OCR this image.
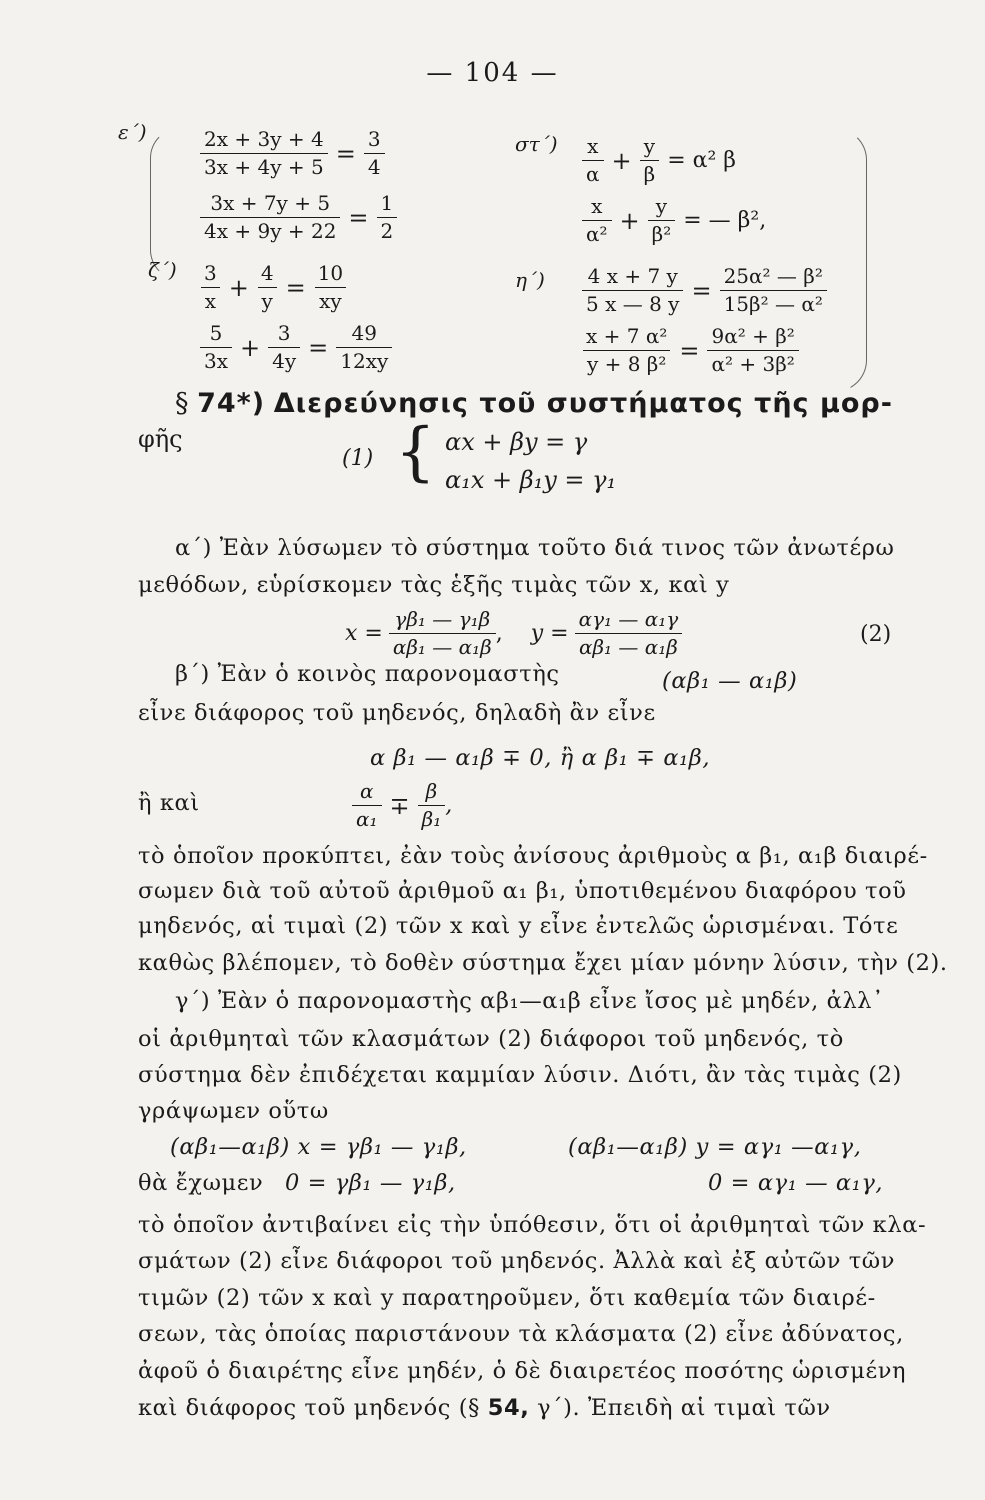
— 104 —
ε΄)	$\frac{2x + 3y + 4}{3x + 4y + 5} = \frac{3}{4}$
$\frac{3x + 7y + 5}{4x + 9y + 22} = \frac{1}{2}$
$\sigma\tau΄) \frac{x}{\alpha} + \frac{y}{\beta} = \alpha^2$ β
$\frac{x}{\text{α²}} + \frac{y}{\text{β²}}$ = — β²,
$\zeta΄) \frac{3}{x} + \frac{4}{y} = \frac{10}{xy}$
$\frac{5}{3x} + \frac{3}{4y} = \frac{49}{12xy}$
$\eta΄) \frac{4 x + 7 y}{5 x — 8 y} = \frac{\text{25α² — β²}}{\text{15β² — α²}}$
$\frac{\text{x + 7 α²}}{\text{y + 8 β²}} = \frac{\text{9α² + β²}}{\text{α² + 3β²}}$
§ 74*) Διερεύνησις τοῦ συστήματος τῆς μορ-
φῆς
(1) { αx + βy = γ
α₁x + β₁y = γ₁
α΄) Ἐὰν λύσωμεν τὸ σύστημα τοῦτο διά τινος τῶν ἀνωτέρω
μεθόδων, εὑρίσκομεν τὰς ἑξῆς τιμὰς τῶν x, καὶ y
$x = \frac{\text{γβ₁ — γ₁β}}{\text{αβ₁ — α₁β}}$ , $y = \frac{\text{αγ₁ — α₁γ}}{\text{αβ₁ — α₁β}}$	(2)
β΄) Ἐὰν ὁ κοινὸς παρονομαστὴς	(αβ₁ — α₁β)
εἶνε διάφορος τοῦ μηδενός, δηλαδὴ ἂν εἶνε
α β₁ — α₁β ∓ 0, ἢ α β₁ ∓ α₁β,
ἢ καὶ	$\frac{\alpha}{\text{α₁}} \mp \frac{\beta}{\text{β₁}}$ ,
τὸ ὁποῖον προκύπτει, ἐὰν τοὺς ἀνίσους ἀριθμοὺς α β₁, α₁β διαιρέ-
σωμεν διὰ τοῦ αὐτοῦ ἀριθμοῦ α₁ β₁, ὑποτιθεμένου διαφόρου τοῦ
μηδενός, αἱ τιμαὶ (2) τῶν x καὶ y εἶνε ἐντελῶς ὡρισμέναι. Τότε
καθὼς βλέπομεν, τὸ δοθὲν σύστημα ἔχει μίαν μόνην λύσιν, τὴν (2).
γ΄) Ἐὰν ὁ παρονομαστὴς αβ₁—α₁β εἶνε ἴσος μὲ μηδέν, ἀλλ᾽
οἱ ἀριθμηταὶ τῶν κλασμάτων (2) διάφοροι τοῦ μηδενός, τὸ
σύστημα δὲν ἐπιδέχεται καμμίαν λύσιν. Διότι, ἂν τὰς τιμὰς (2)
γράψωμεν οὕτω
(αβ₁—α₁β) x = γβ₁ — γ₁β,	(αβ₁—α₁β) y = αγ₁ —α₁γ,
θὰ ἔχωμεν 0 = γβ₁ — γ₁β,	0 = αγ₁ — α₁γ,
τὸ ὁποῖον ἀντιβαίνει εἰς τὴν ὑπόθεσιν, ὅτι οἱ ἀριθμηταὶ τῶν κλα-
σμάτων (2) εἶνε διάφοροι τοῦ μηδενός. Ἀλλὰ καὶ ἐξ αὐτῶν τῶν
τιμῶν (2) τῶν x καὶ y παρατηροῦμεν, ὅτι καθεμία τῶν διαιρέ-
σεων, τὰς ὁποίας παριστάνουν τὰ κλάσματα (2) εἶνε ἀδύνατος,
ἀφοῦ ὁ διαιρέτης εἶνε μηδέν, ὁ δὲ διαιρετέος ποσότης ὡρισμένη
καὶ διάφορος τοῦ μηδενός (§ 54, γ΄). Ἐπειδὴ αἱ τιμαὶ τῶν
